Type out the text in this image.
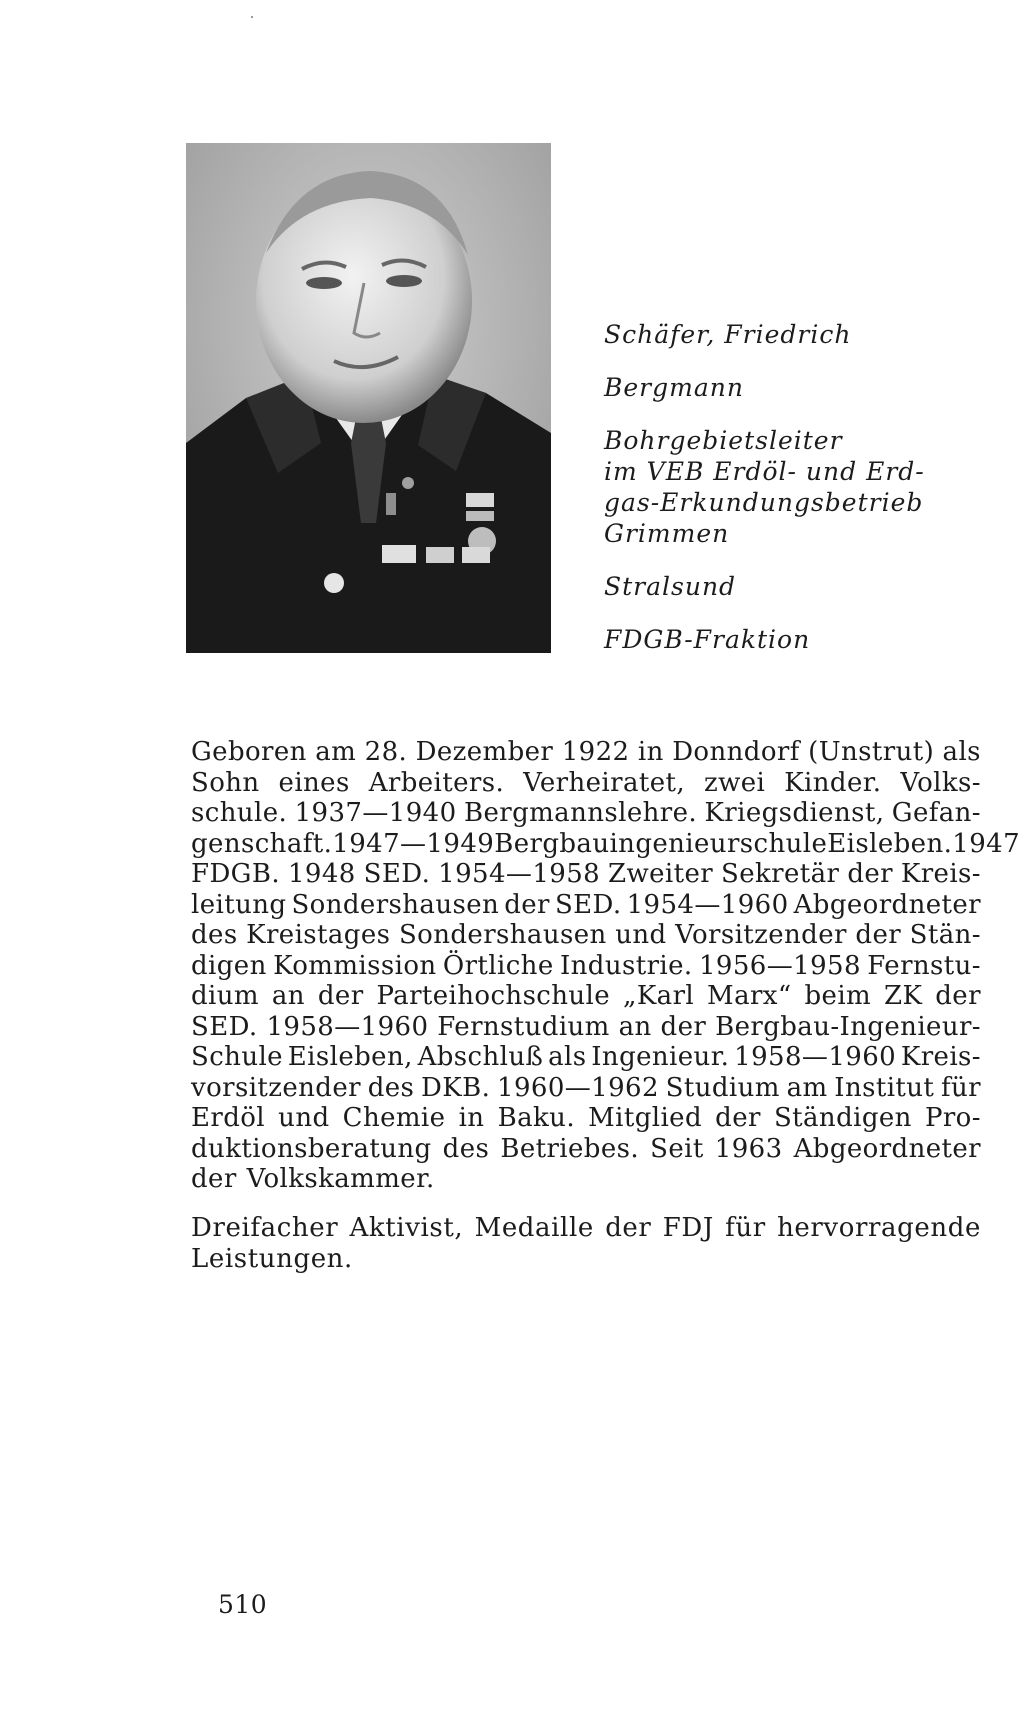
Schäfer, Friedrich
Bergmann
Bohrgebietsleiter
im VEB Erdöl- und Erd-
gas-Erkundungsbetrieb
Grimmen
Stralsund
FDGB-Fraktion
Geboren am 28. Dezember 1922 in Donndorf (Unstrut) als
Sohn eines Arbeiters. Verheiratet, zwei Kinder. Volks-
schule. 1937—1940 Bergmannslehre. Kriegsdienst, Gefan-
genschaft. 1947—1949 Bergbauingenieurschule Eisleben. 1947
FDGB. 1948 SED. 1954—1958 Zweiter Sekretär der Kreis-
leitung Sondershausen der SED. 1954—1960 Abgeordneter
des Kreistages Sondershausen und Vorsitzender der Stän-
digen Kommission Örtliche Industrie. 1956—1958 Fernstu-
dium an der Parteihochschule „Karl Marx“ beim ZK der
SED. 1958—1960 Fernstudium an der Bergbau-Ingenieur-
Schule Eisleben, Abschluß als Ingenieur. 1958—1960 Kreis-
vorsitzender des DKB. 1960—1962 Studium am Institut für
Erdöl und Chemie in Baku. Mitglied der Ständigen Pro-
duktionsberatung des Betriebes. Seit 1963 Abgeordneter
der Volkskammer.
Dreifacher Aktivist, Medaille der FDJ für hervorragende
Leistungen.
510
